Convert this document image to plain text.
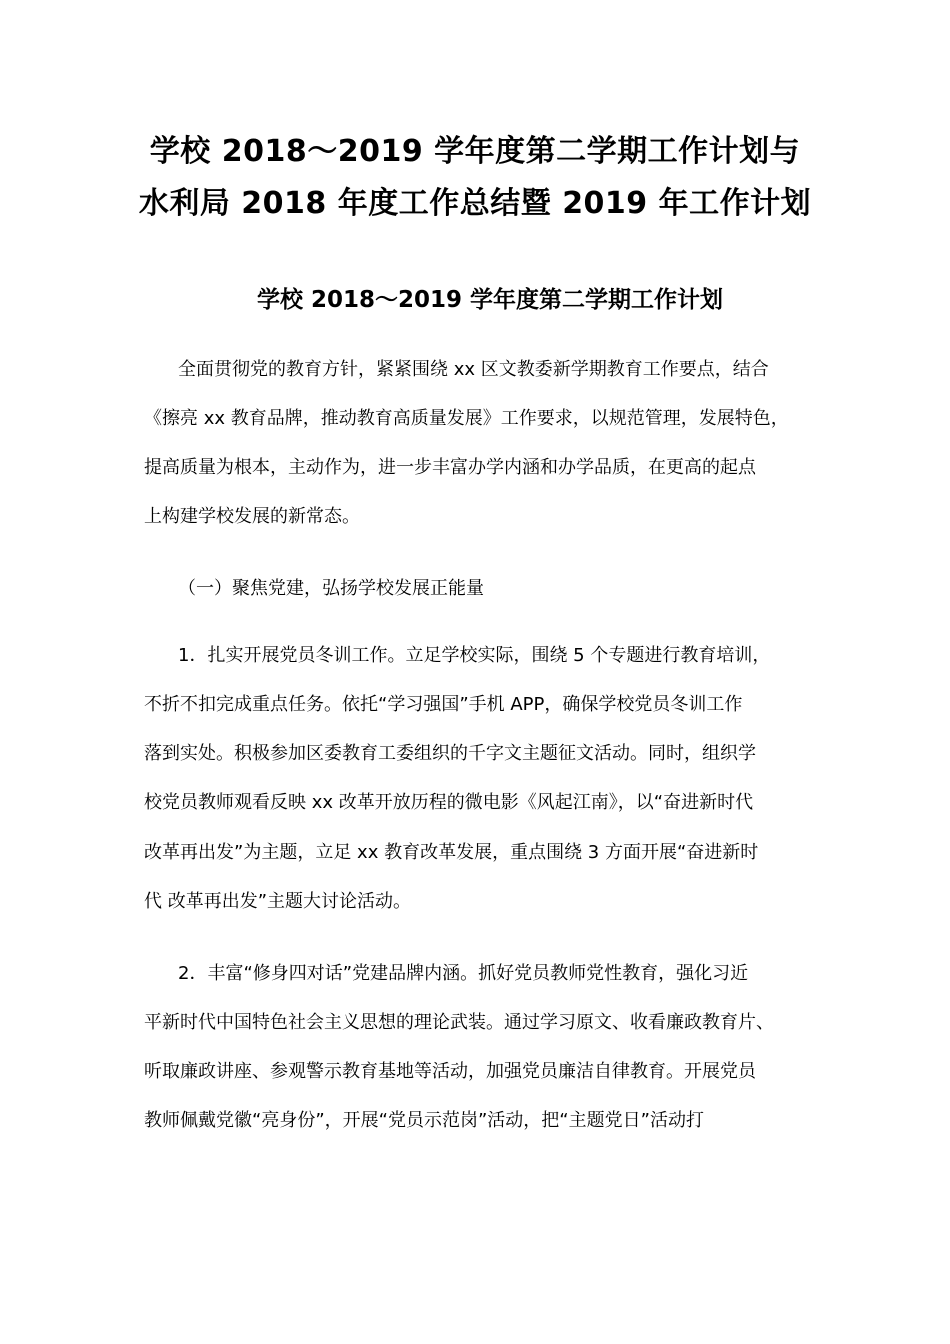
学校 2018～2019 学年度第二学期工作计划与
水利局 2018 年度工作总结暨 2019 年工作计划
学校 2018～2019 学年度第二学期工作计划

全面贯彻党的教育方针，紧紧围绕 xx 区文教委新学期教育工作要点，结合

《擦亮 xx 教育品牌，推动教育高质量发展》工作要求，以规范管理，发展特色，

提高质量为根本，主动作为，进一步丰富办学内涵和办学品质，在更高的起点

上构建学校发展的新常态。

（一）聚焦党建，弘扬学校发展正能量

1．扎实开展党员冬训工作。立足学校实际，围绕 5 个专题进行教育培训，

不折不扣完成重点任务。依托“学习强国”手机 APP，确保学校党员冬训工作

落到实处。积极参加区委教育工委组织的千字文主题征文活动。同时，组织学

校党员教师观看反映 xx 改革开放历程的微电影《风起江南》，以“奋进新时代

改革再出发”为主题，立足 xx 教育改革发展，重点围绕 3 方面开展“奋进新时

代 改革再出发”主题大讨论活动。

2．丰富“修身四对话”党建品牌内涵。抓好党员教师党性教育，强化习近

平新时代中国特色社会主义思想的理论武装。通过学习原文、收看廉政教育片、

听取廉政讲座、参观警示教育基地等活动，加强党员廉洁自律教育。开展党员

教师佩戴党徽“亮身份”，开展“党员示范岗”活动，把“主题党日”活动打
